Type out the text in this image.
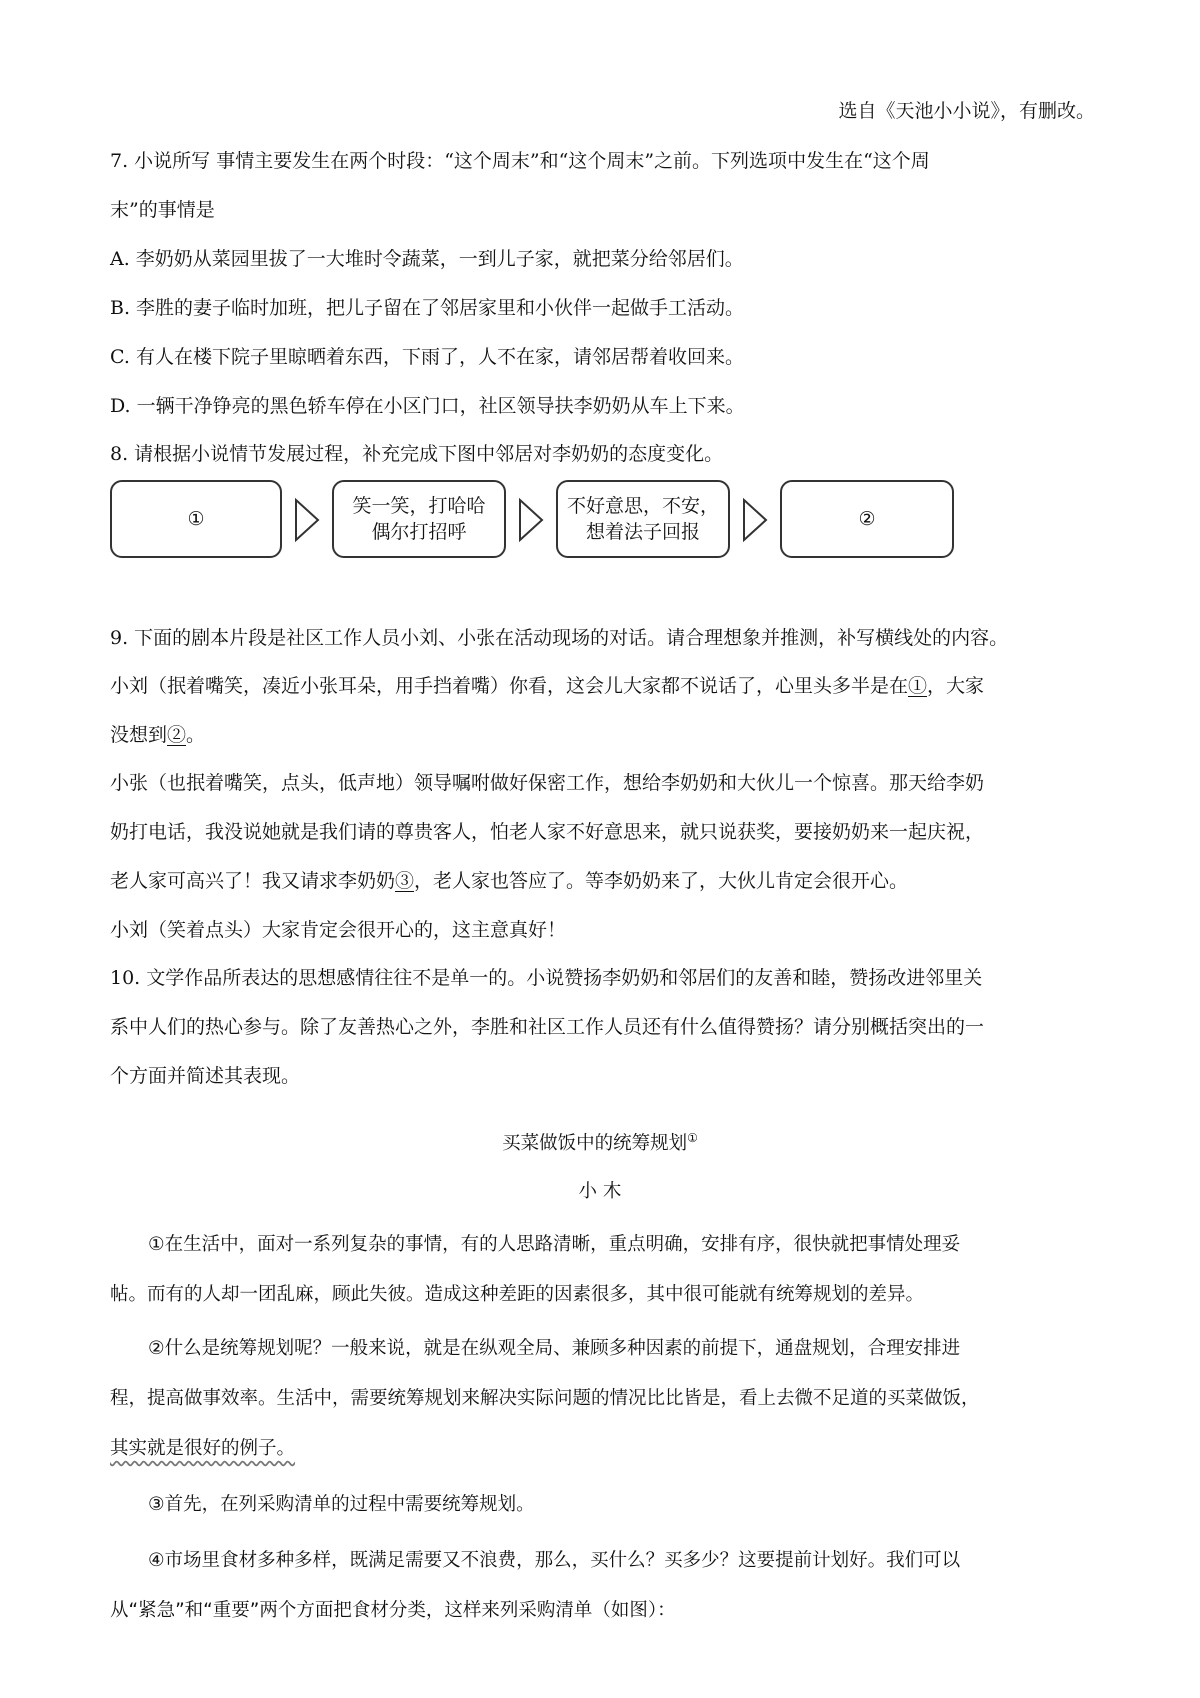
选自《天池小小说》，有删改。
7. 小说所写 事情主要发生在两个时段：“这个周末”和“这个周末”之前。下列选项中发生在“这个周
末”的事情是
A. 李奶奶从菜园里拔了一大堆时令蔬菜，一到儿子家，就把菜分给邻居们。
B. 李胜的妻子临时加班，把儿子留在了邻居家里和小伙伴一起做手工活动。
C. 有人在楼下院子里晾晒着东西，下雨了，人不在家，请邻居帮着收回来。
D. 一辆干净铮亮的黑色轿车停在小区门口，社区领导扶李奶奶从车上下来。
8. 请根据小说情节发展过程，补充完成下图中邻居对李奶奶的态度变化。
①
笑一笑，打哈哈
偶尔打招呼
不好意思，不安，
想着法子回报
②
9. 下面的剧本片段是社区工作人员小刘、小张在活动现场的对话。请合理想象并推测，补写横线处的内容。
小刘（抿着嘴笑，凑近小张耳朵，用手挡着嘴）你看，这会儿大家都不说话了，心里头多半是在①，大家
没想到②。
小张（也抿着嘴笑，点头，低声地）领导嘱咐做好保密工作，想给李奶奶和大伙儿一个惊喜。那天给李奶
奶打电话，我没说她就是我们请的尊贵客人，怕老人家不好意思来，就只说获奖，要接奶奶来一起庆祝，
老人家可高兴了！我又请求李奶奶③，老人家也答应了。等李奶奶来了，大伙儿肯定会很开心。
小刘（笑着点头）大家肯定会很开心的，这主意真好！
10. 文学作品所表达的思想感情往往不是单一的。小说赞扬李奶奶和邻居们的友善和睦，赞扬改进邻里关
系中人们的热心参与。除了友善热心之外，李胜和社区工作人员还有什么值得赞扬？请分别概括突出的一
个方面并简述其表现。
买菜做饭中的统筹规划①
小 木
①在生活中，面对一系列复杂的事情，有的人思路清晰，重点明确，安排有序，很快就把事情处理妥
帖。而有的人却一团乱麻，顾此失彼。造成这种差距的因素很多，其中很可能就有统筹规划的差异。
②什么是统筹规划呢？一般来说，就是在纵观全局、兼顾多种因素的前提下，通盘规划，合理安排进
程，提高做事效率。生活中，需要统筹规划来解决实际问题的情况比比皆是，看上去微不足道的买菜做饭，
其实就是很好的例子。
③首先，在列采购清单的过程中需要统筹规划。
④市场里食材多种多样，既满足需要又不浪费，那么，买什么？买多少？这要提前计划好。我们可以
从“紧急”和“重要”两个方面把食材分类，这样来列采购清单（如图）：
